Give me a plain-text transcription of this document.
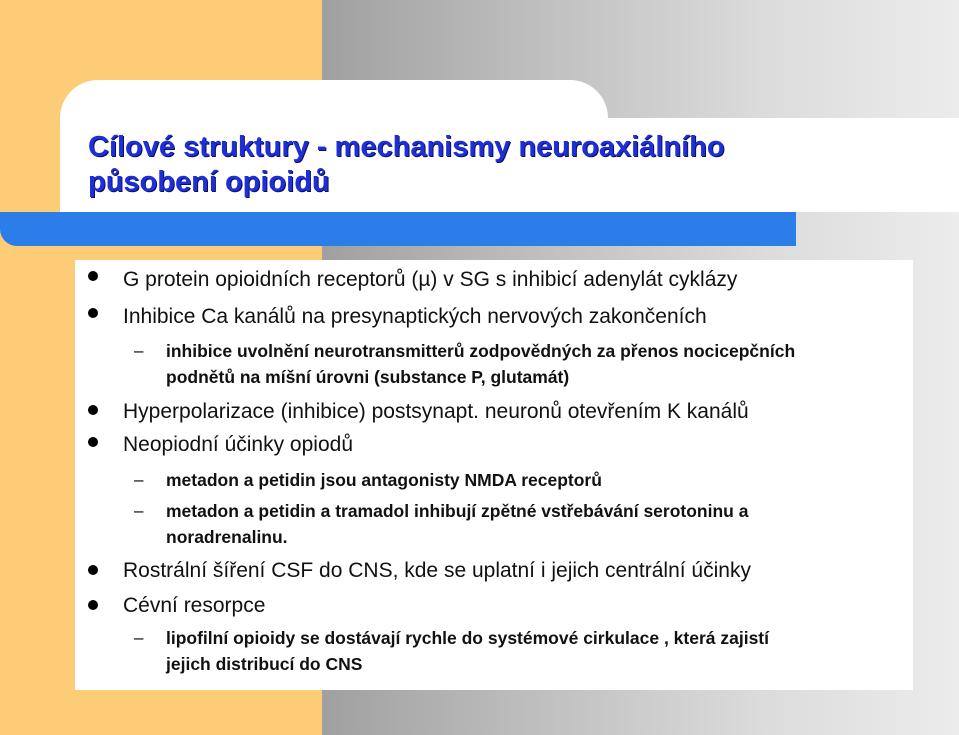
Cílové struktury - mechanismy neuroaxiálního
působení opioidů
G protein opioidních receptorů (µ) v SG s inhibicí adenylát cyklázy
Inhibice Ca kanálů na presynaptických nervových zakončeních
– inhibice uvolnění neurotransmitterů zodpovědných za přenos nocicepčních
podnětů na míšní úrovni (substance P, glutamát)
Hyperpolarizace (inhibice) postsynapt. neuronů otevřením K kanálů
Neopiodní účinky opiodů
– metadon a petidin jsou antagonisty NMDA receptorů
– metadon a petidin a tramadol inhibují zpětné vstřebávání serotoninu a
noradrenalinu.
Rostrální šíření CSF do CNS, kde se uplatní i jejich centrální účinky
Cévní resorpce
– lipofilní opioidy se dostávají rychle do systémové cirkulace , která zajistí
jejich distribucí do CNS
